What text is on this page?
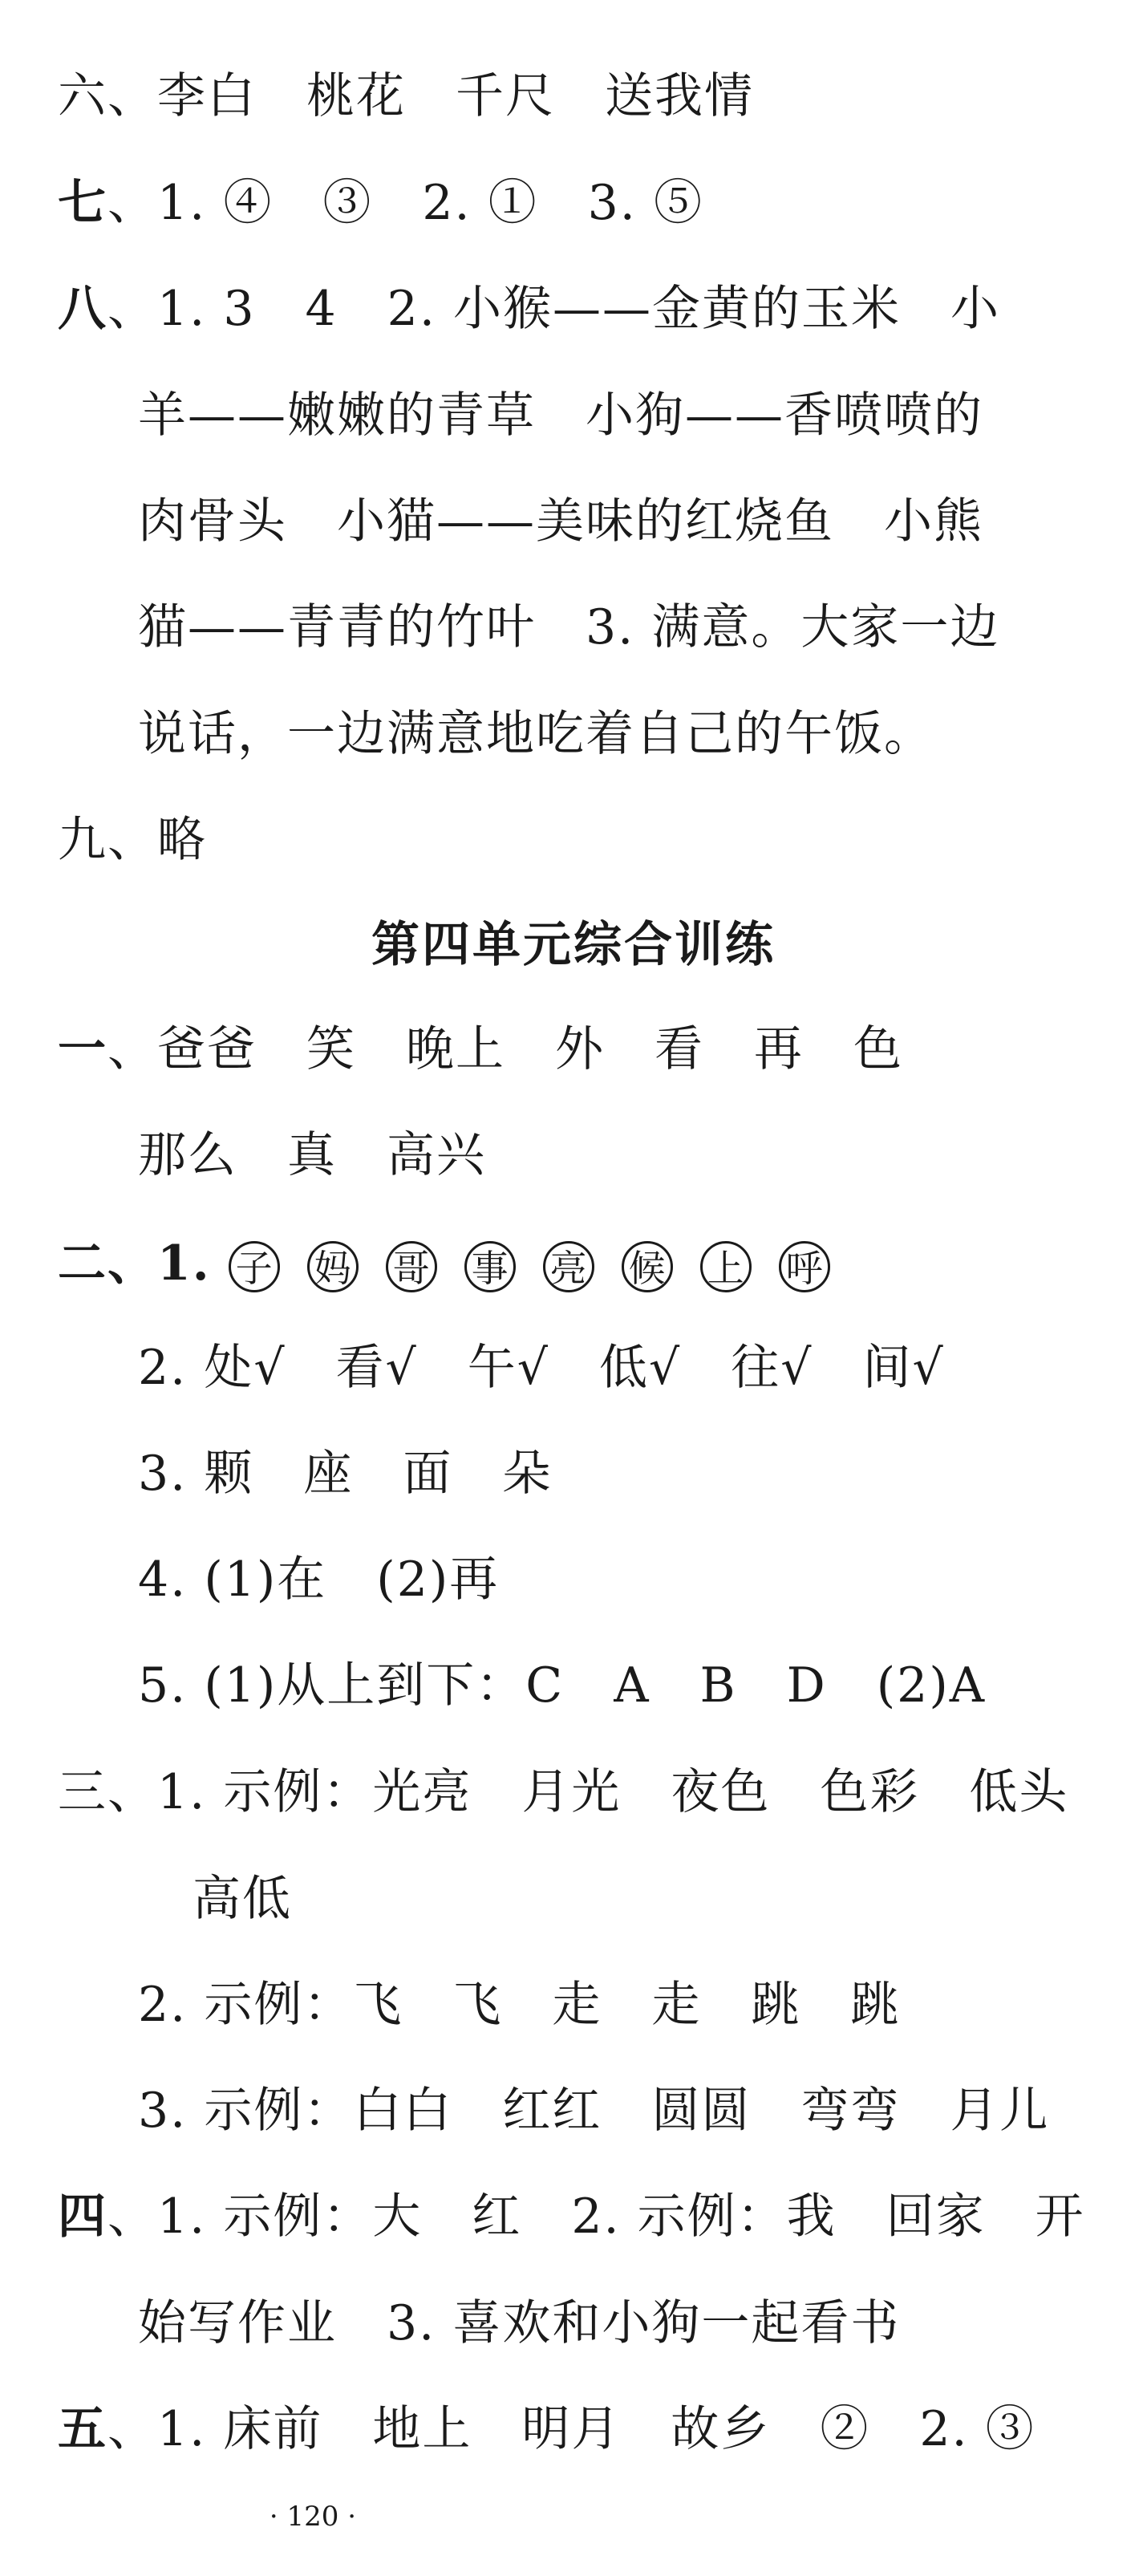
六、李白　桃花　千尺　送我情
七、1. ④　③　2. ①　3. ⑤
八、1. 3　4　2. 小猴——金黄的玉米　小
羊——嫩嫩的青草　小狗——香喷喷的
肉骨头　小猫——美味的红烧鱼　小熊
猫——青青的竹叶　3. 满意。大家一边
说话，一边满意地吃着自己的午饭。
九、略
第四单元综合训练
一、爸爸　笑　晚上　外　看　再　色
那么　真　高兴
二、1. 子 妈 哥 事 亮 候 上 呼
2. 处√　看√　午√　低√　往√　间√
3. 颗　座　面　朵
4. (1)在　(2)再
5. (1)从上到下：C　A　B　D　(2)A
三、1. 示例：光亮　月光　夜色　色彩　低头
高低
2. 示例：飞　飞　走　走　跳　跳
3. 示例：白白　红红　圆圆　弯弯　月儿
四、1. 示例：大　红　2. 示例：我　回家　开
始写作业　3. 喜欢和小狗一起看书
五、1. 床前　地上　明月　故乡　②　2. ③
· 120 ·
